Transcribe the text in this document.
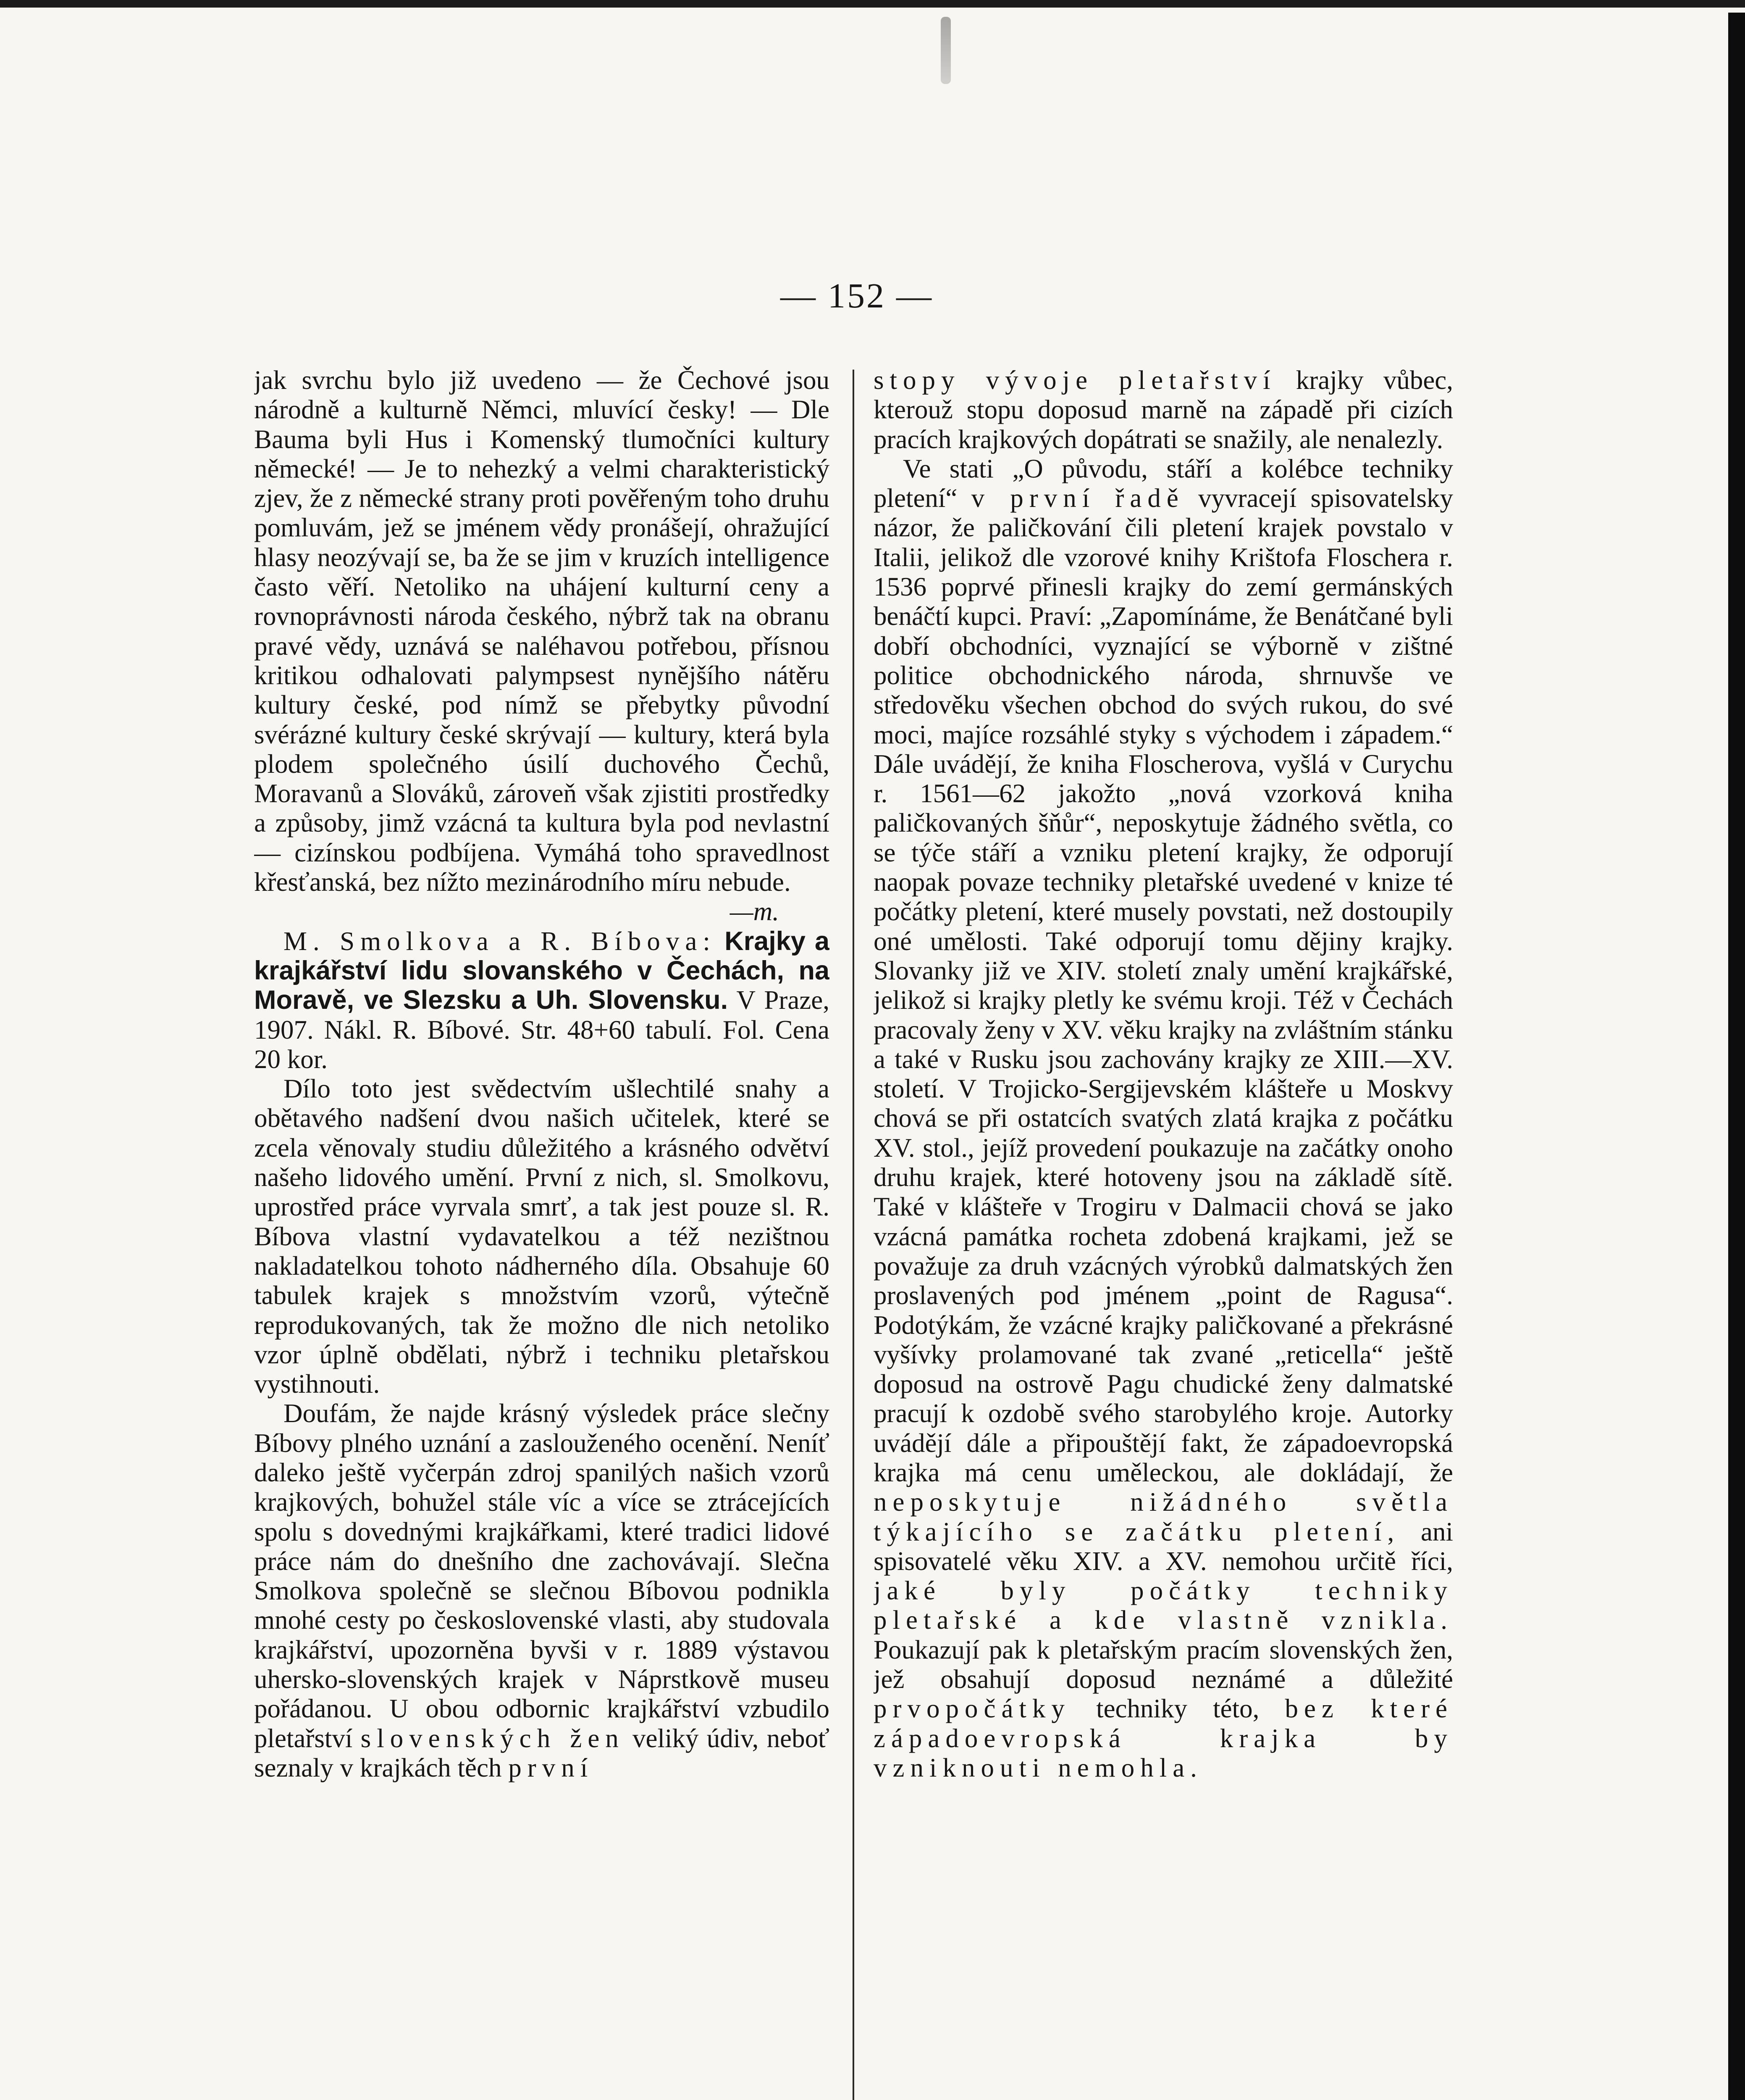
— 152 —

jak svrchu bylo již uvedeno — že Čechové jsou národně a kulturně Němci, mluvící česky! — Dle Bauma byli Hus i Komenský tlumočníci kultury německé! — Je to nehezký a velmi charakteristický zjev, že z německé strany proti pověřeným toho druhu pomluvám, jež se jménem vědy pronášejí, ohražující hlasy neozývají se, ba že se jim v kruzích intelligence často věří. Netoliko na uhájení kulturní ceny a rovnoprávnosti národa českého, nýbrž tak na obranu pravé vědy, uznává se naléhavou potřebou, přísnou kritikou odhalovati palympsest nynějšího nátěru kultury české, pod nímž se přebytky původní svérázné kultury české skrývají — kultury, která byla plodem společného úsilí duchového Čechů, Moravanů a Slováků, zároveň však zjistiti prostředky a způsoby, jimž vzácná ta kultura byla pod nevlastní — cizínskou podbíjena. Vymáhá toho spravedlnost křesťanská, bez nížto mezinárodního míru nebude.

—m.

M. Smolkova a R. Bíbova: Krajky a krajkářství lidu slovanského v Čechách, na Moravě, ve Slezsku a Uh. Slovensku. V Praze, 1907. Nákl. R. Bíbové. Str. 48+60 tabulí. Fol. Cena 20 kor.

Dílo toto jest svědectvím ušlechtilé snahy a obětavého nadšení dvou našich učitelek, které se zcela věnovaly studiu důležitého a krásného odvětví našeho lidového umění. První z nich, sl. Smolkovu, uprostřed práce vyrvala smrť, a tak jest pouze sl. R. Bíbova vlastní vydavatelkou a též nezištnou nakladatelkou tohoto nádherného díla. Obsahuje 60 tabulek krajek s množstvím vzorů, výtečně reprodukovaných, tak že možno dle nich netoliko vzor úplně obdělati, nýbrž i techniku pletařskou vystihnouti.

Doufám, že najde krásný výsledek práce slečny Bíbovy plného uznání a zaslouženého ocenění. Neníť daleko ještě vyčerpán zdroj spanilých našich vzorů krajkových, bohužel stále víc a více se ztrácejících spolu s dovednými krajkářkami, které tradici lidové práce nám do dnešního dne zachovávají. Slečna Smolkova společně se slečnou Bíbovou podnikla mnohé cesty po československé vlasti, aby studovala krajkářství, upozorněna byvši v r. 1889 výstavou uhersko-slovenských krajek v Náprstkově museu pořádanou. U obou odbornic krajkářství vzbudilo pletařství slovenských žen veliký údiv, neboť seznaly v krajkách těch první

stopy vývoje pletařství krajky vůbec, kterouž stopu doposud marně na západě při cizích pracích krajkových dopátrati se snažily, ale nenalezly.

Ve stati „O původu, stáří a kolébce techniky pletení“ v první řadě vyvracejí spisovatelsky názor, že paličkování čili pletení krajek povstalo v Italii, jelikož dle vzorové knihy Krištofa Floschera r. 1536 poprvé přinesli krajky do zemí germánských benáčtí kupci. Praví: „Zapomínáme, že Benátčané byli dobří obchodníci, vyznající se výborně v zištné politice obchodnického národa, shrnuvše ve středověku všechen obchod do svých rukou, do své moci, majíce rozsáhlé styky s východem i západem.“ Dále uvádějí, že kniha Floscherova, vyšlá v Curychu r. 1561—62 jakožto „nová vzorková kniha paličkovaných šňůr“, neposkytuje žádného světla, co se týče stáří a vzniku pletení krajky, že odporují naopak povaze techniky pletařské uvedené v knize té počátky pletení, které musely povstati, než dostoupily oné umělosti. Také odporují tomu dějiny krajky. Slovanky již ve XIV. století znaly umění krajkářské, jelikož si krajky pletly ke svému kroji. Též v Čechách pracovaly ženy v XV. věku krajky na zvláštním stánku a také v Rusku jsou zachovány krajky ze XIII.—XV. století. V Trojicko-Sergijevském klášteře u Moskvy chová se při ostatcích svatých zlatá krajka z počátku XV. stol., jejíž provedení poukazuje na začátky onoho druhu krajek, které hotoveny jsou na základě sítě. Také v klášteře v Trogiru v Dalmacii chová se jako vzácná památka rocheta zdobená krajkami, jež se považuje za druh vzácných výrobků dalmatských žen proslavených pod jménem „point de Ragusa“. Podotýkám, že vzácné krajky paličkované a překrásné vyšívky prolamované tak zvané „reticella“ ještě doposud na ostrově Pagu chudické ženy dalmatské pracují k ozdobě svého starobylého kroje. Autorky uvádějí dále a připouštějí fakt, že západoevropská krajka má cenu uměleckou, ale dokládají, že neposkytuje nižádného světla týkajícího se začátku pletení, ani spisovatelé věku XIV. a XV. nemohou určitě říci, jaké byly počátky techniky pletařské a kde vlastně vznikla. Poukazují pak k pletařským pracím slovenských žen, jež obsahují doposud neznámé a důležité prvopočátky techniky této, bez které západoevropská krajka by vzniknouti nemohla.
